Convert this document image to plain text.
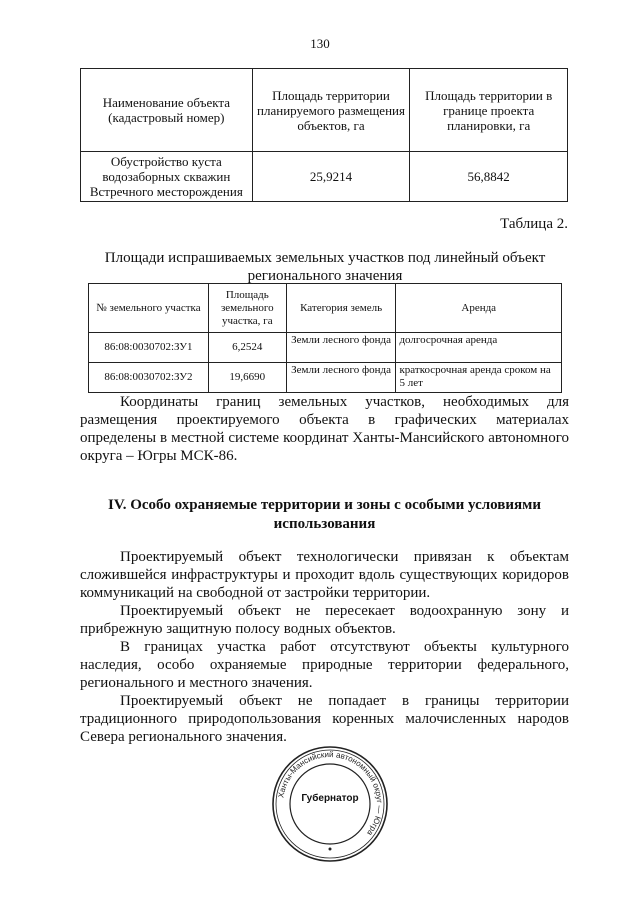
130
Наименование объекта (кадастровый номер)	Площадь территории планируемого размещения объектов, га	Площадь территории в границе проекта планировки, га
Обустройство куста водозаборных скважин Встречного месторождения	25,9214	56,8842
Таблица 2.
Площади испрашиваемых земельных участков под линейный объект регионального значения
№ земельного участка	Площадь земельного участка, га	Категория земель	Аренда
86:08:0030702:ЗУ1	6,2524	Земли лесного фонда	долгосрочная аренда
86:08:0030702:ЗУ2	19,6690	Земли лесного фонда	краткосрочная аренда сроком на 5 лет

Координаты границ земельных участков, необходимых для размещения проектируемого объекта в графических материалах определены в местной системе координат Ханты-Мансийского автономного округа – Югры МСК-86.

IV. Особо охраняемые территории и зоны с особыми условиями использования

Проектируемый объект технологически привязан к объектам сложившейся инфраструктуры и проходит вдоль существующих коридоров коммуникаций на свободной от застройки территории.

Проектируемый объект не пересекает водоохранную зону и прибрежную защитную полосу водных объектов.

В границах участка работ отсутствуют объекты культурного наследия, особо охраняемые природные территории федерального, регионального и местного значения.

Проектируемый объект не попадает в границы территории традиционного природопользования коренных малочисленных народов Севера регионального значения.

Ханты-Мансийский автономный округ — Югра
Губернатор
